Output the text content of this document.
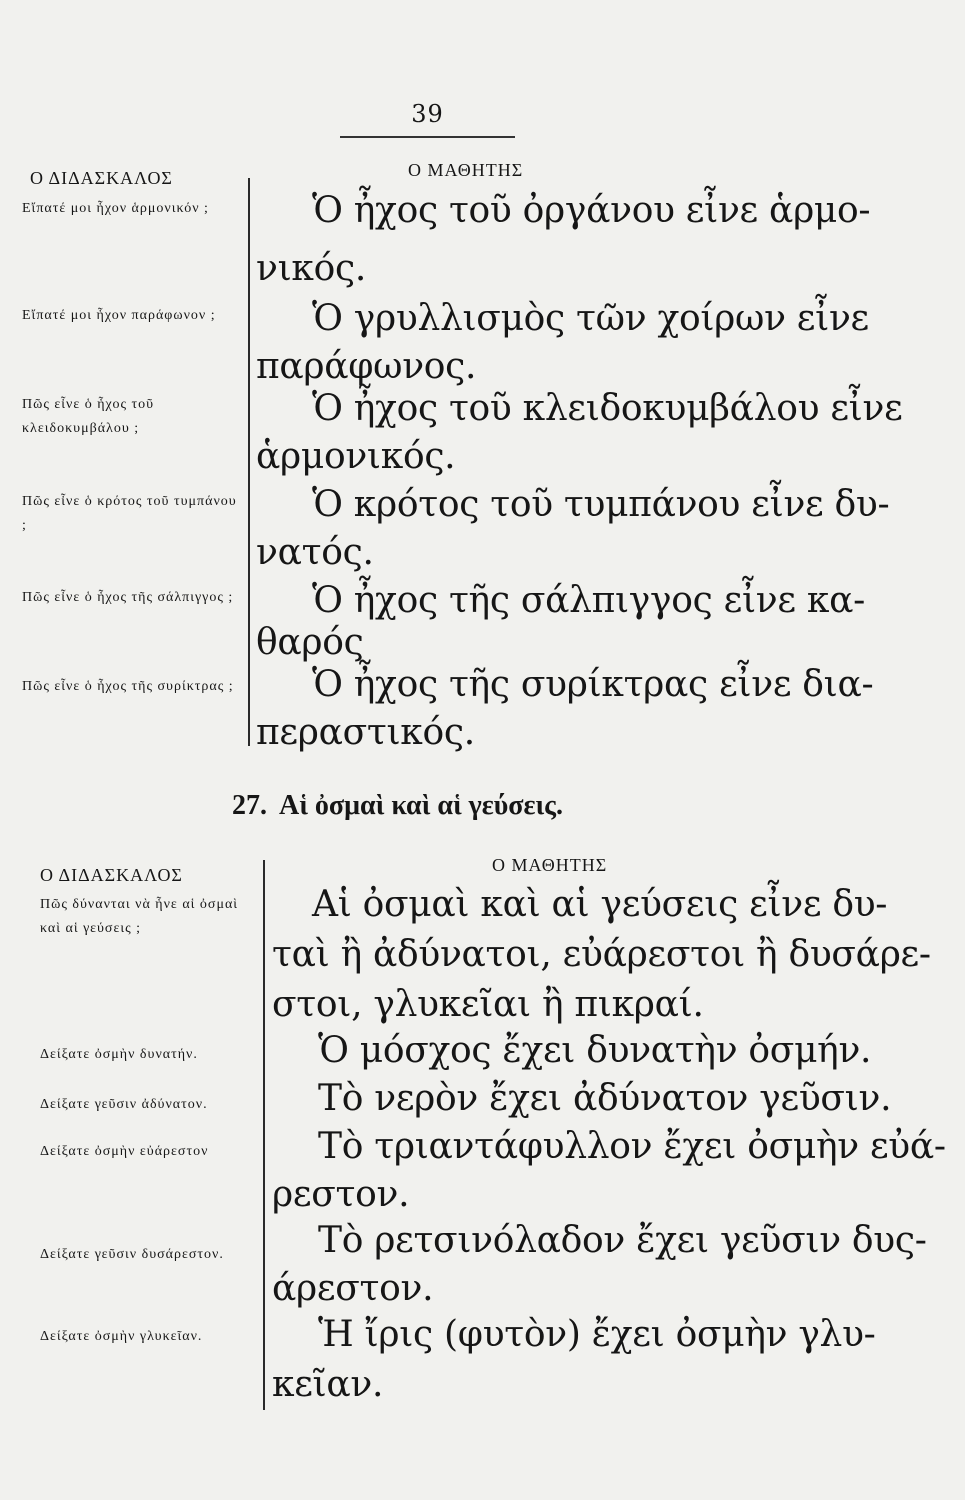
39
Ο ΔΙΔΑΣΚΑΛΟΣ	Ο ΜΑΘΗΤΗΣ
Εἴπατέ μοι ἦχον ἁρμονικόν ;
Εἴπατέ μοι ἦχον παράφωνον ;
Πῶς εἶνε ὁ ἦχος τοῦ κλειδοκυμβάλου ;
Πῶς εἶνε ὁ κρότος τοῦ τυμπάνου ;
Πῶς εἶνε ὁ ἦχος τῆς σάλπιγγος ;
Πῶς εἶνε ὁ ἦχος τῆς συρίκτρας ;
Ὁ ἦχος τοῦ ὀργάνου εἶνε ἁρμο-
νικός.
Ὁ γρυλλισμὸς τῶν χοίρων εἶνε
παράφωνος.
Ὁ ἦχος τοῦ κλειδοκυμβάλου εἶνε
ἁρμονικός.
Ὁ κρότος τοῦ τυμπάνου εἶνε δυ-
νατός.
Ὁ ἦχος τῆς σάλπιγγος εἶνε κα-
θαρός
Ὁ ἦχος τῆς συρίκτρας εἶνε δια-
περαστικός.
27. Αἱ ὀσμαὶ καὶ αἱ γεύσεις.
Ο ΔΙΔΑΣΚΑΛΟΣ	Ο ΜΑΘΗΤΗΣ
Πῶς δύνανται νὰ ἦνε αἱ ὀσμαὶ καὶ αἱ γεύσεις ;
Δείξατε ὀσμὴν δυνατήν.
Δείξατε γεῦσιν ἀδύνατον.
Δείξατε ὀσμὴν εὐάρεστον
Δείξατε γεῦσιν δυσάρεστον.
Δείξατε ὀσμὴν γλυκεῖαν.
Αἱ ὀσμαὶ καὶ αἱ γεύσεις εἶνε δυ-
ταὶ ἢ ἀδύνατοι, εὐάρεστοι ἢ δυσάρε-
στοι, γλυκεῖαι ἢ πικραί.
Ὁ μόσχος ἔχει δυνατὴν ὀσμήν.
Τὸ νερὸν ἔχει ἀδύνατον γεῦσιν.
Τὸ τριαντάφυλλον ἔχει ὀσμὴν εὐά-
ρεστον.
Τὸ ρετσινόλαδον ἔχει γεῦσιν δυς-
άρεστον.
Ἡ ἴρις (φυτὸν) ἔχει ὀσμὴν γλυ-
κεῖαν.
